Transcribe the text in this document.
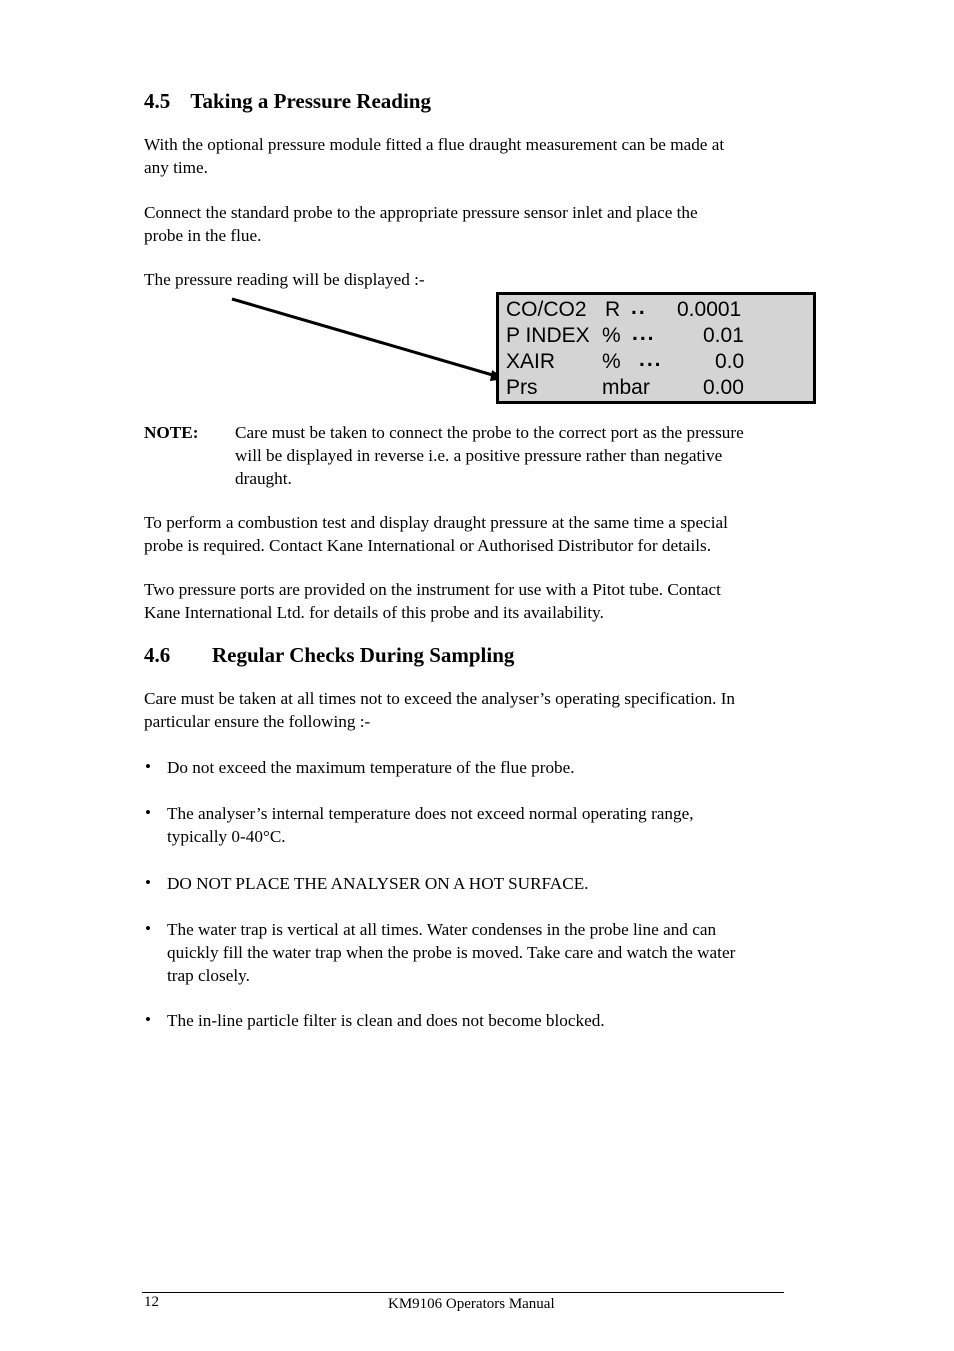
4.5 Taking a Pressure Reading
With the optional pressure module fitted a flue draught measurement can be made at
any time.
Connect the standard probe to the appropriate pressure sensor inlet and place the
probe in the flue.
The pressure reading will be displayed :-
CO/CO2 R .. 0.0001
P INDEX % ... 0.01
XAIR % ... 0.0
Prs	mbar	0.00
NOTE: Care must be taken to connect the probe to the correct port as the pressure
will be displayed in reverse i.e. a positive pressure rather than negative
draught.
To perform a combustion test and display draught pressure at the same time a special
probe is required. Contact Kane International or Authorised Distributor for details.
Two pressure ports are provided on the instrument for use with a Pitot tube. Contact
Kane International Ltd. for details of this probe and its availability.
4.6 Regular Checks During Sampling
Care must be taken at all times not to exceed the analyser’s operating specification. In
particular ensure the following :-
• Do not exceed the maximum temperature of the flue probe.
• The analyser’s internal temperature does not exceed normal operating range,
typically 0-40°C.
• DO NOT PLACE THE ANALYSER ON A HOT SURFACE.
• The water trap is vertical at all times. Water condenses in the probe line and can
quickly fill the water trap when the probe is moved. Take care and watch the water
trap closely.
• The in-line particle filter is clean and does not become blocked.
12	KM9106 Operators Manual
